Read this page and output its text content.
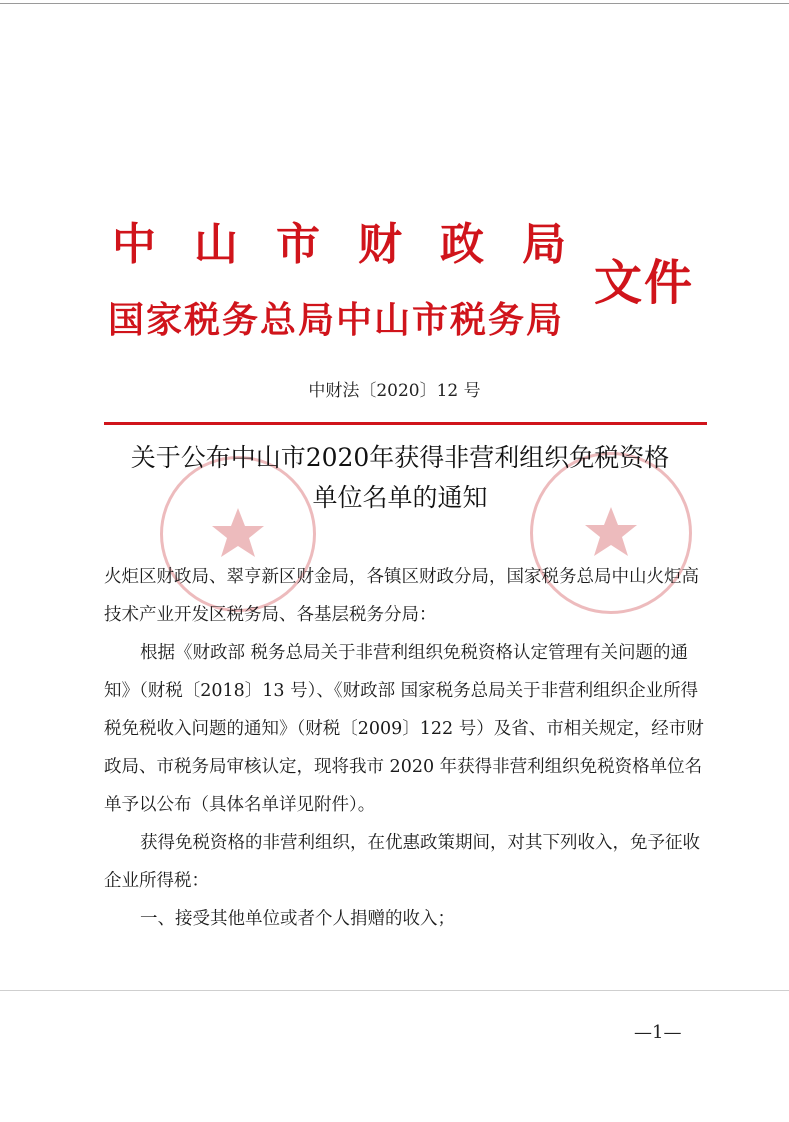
中山市财政局
国家税务总局中山市税务局
文件
中财法〔2020〕12 号
关于公布中山市2020年获得非营利组织免税资格
单位名单的通知

火炬区财政局、翠亨新区财金局，各镇区财政分局，国家税务总局中山火炬高技术产业开发区税务局、各基层税务分局：

根据《财政部 税务总局关于非营利组织免税资格认定管理有关问题的通知》（财税〔2018〕13 号）、《财政部 国家税务总局关于非营利组织企业所得税免税收入问题的通知》（财税〔2009〕122 号）及省、市相关规定，经市财政局、市税务局审核认定，现将我市 2020 年获得非营利组织免税资格单位名单予以公布（具体名单详见附件）。

获得免税资格的非营利组织，在优惠政策期间，对其下列收入，免予征收企业所得税：

一、接受其他单位或者个人捐赠的收入；

—1—
